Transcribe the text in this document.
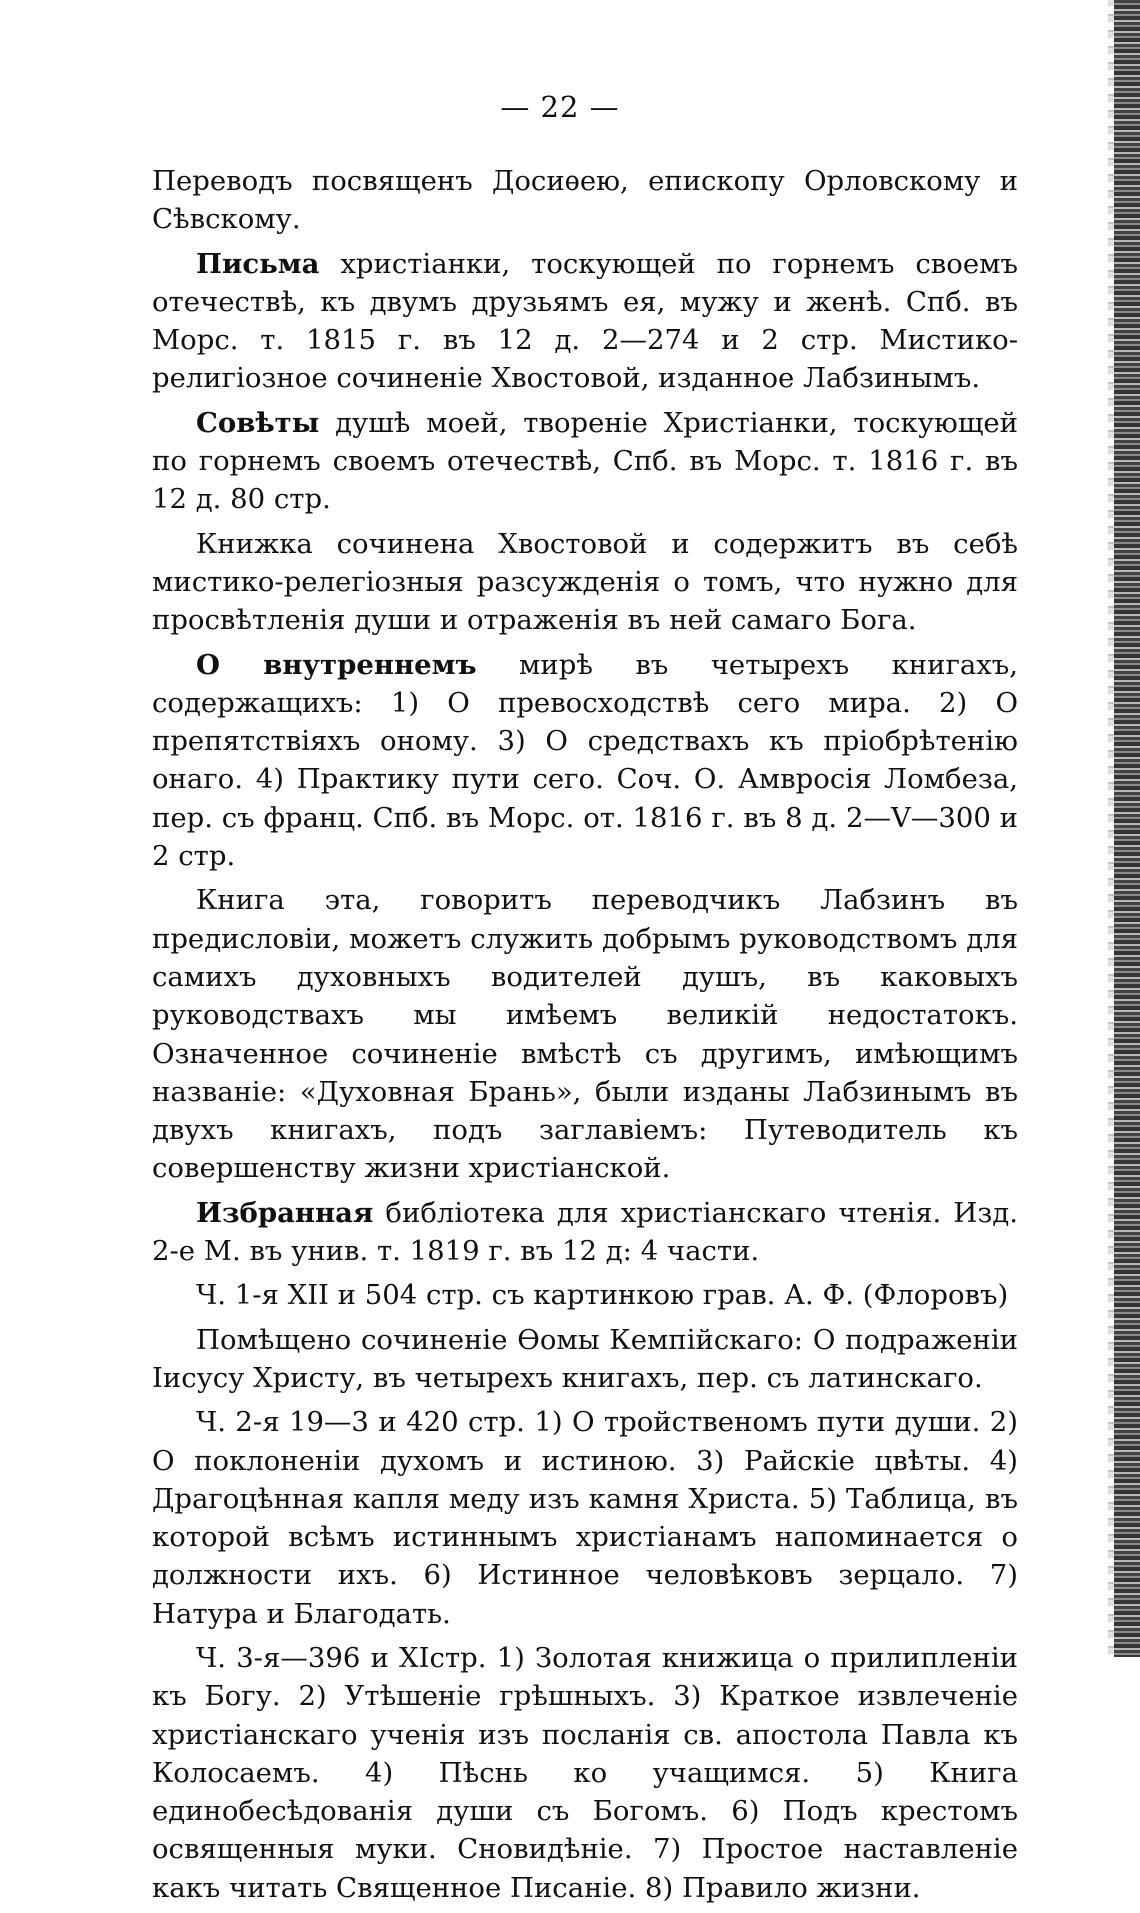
— 22 —

Переводъ посвященъ Досиѳею, епископу Орловскому и Сѣвскому.

Письма христіанки, тоскующей по горнемъ своемъ отечествѣ, къ двумъ друзьямъ ея, мужу и женѣ. Спб. въ Морс. т. 1815 г. въ 12 д. 2—274 и 2 стр. Мистико-религіозное сочиненіе Хвостовой, изданное Лабзинымъ.

Совѣты душѣ моей, твореніе Христіанки, тоскующей по горнемъ своемъ отечествѣ, Спб. въ Морс. т. 1816 г. въ 12 д. 80 стр.

Книжка сочинена Хвостовой и содержитъ въ себѣ мистико-релегіозныя разсужденія о томъ, что нужно для просвѣтленія души и отраженія въ ней самаго Бога.

О внутреннемъ мирѣ въ четырехъ книгахъ, содержащихъ: 1) О превосходствѣ сего мира. 2) О препятствіяхъ оному. 3) О средствахъ къ пріобрѣтенію онаго. 4) Практику пути сего. Соч. О. Амвросія Ломбеза, пер. съ франц. Спб. въ Морс. от. 1816 г. въ 8 д. 2—V—300 и 2 стр.

Книга эта, говоритъ переводчикъ Лабзинъ въ предисловіи, можетъ служить добрымъ руководствомъ для самихъ духовныхъ водителей душъ, въ каковыхъ руководствахъ мы имѣемъ великій недостатокъ. Означенное сочиненіе вмѣстѣ съ другимъ, имѣющимъ названіе: «Духовная Брань», были изданы Лабзинымъ въ двухъ книгахъ, подъ заглавіемъ: Путеводитель къ совершенству жизни христіанской.

Избранная библіотека для христіанскаго чтенія. Изд. 2-е М. въ унив. т. 1819 г. въ 12 д: 4 части.

Ч. 1-я XII и 504 стр. съ картинкою грав. А. Ф. (Флоровъ)

Помѣщено сочиненіе Ѳомы Кемпійскаго: О подраженіи Іисусу Христу, въ четырехъ книгахъ, пер. съ латинскаго.

Ч. 2-я 19—3 и 420 стр. 1) О тройственомъ пути души. 2) О поклоненіи духомъ и истиною. 3) Райскіе цвѣты. 4) Драгоцѣнная капля меду изъ камня Христа. 5) Таблица, въ которой всѣмъ истиннымъ христіанамъ напоминается о должности ихъ. 6) Истинное человѣковъ зерцало. 7) Натура и Благодать.

Ч. 3-я—396 и XIстр. 1) Золотая книжица о прилипленіи къ Богу. 2) Утѣшеніе грѣшныхъ. 3) Краткое извлеченіе христіанскаго ученія изъ посланія св. апостола Павла къ Колосаемъ. 4) Пѣснь ко учащимся. 5) Книга единобесѣдованія души съ Богомъ. 6) Подъ крестомъ освященныя муки. Сновидѣніе. 7) Простое наставленіе какъ читать Священное Писаніе. 8) Правило жизни.
